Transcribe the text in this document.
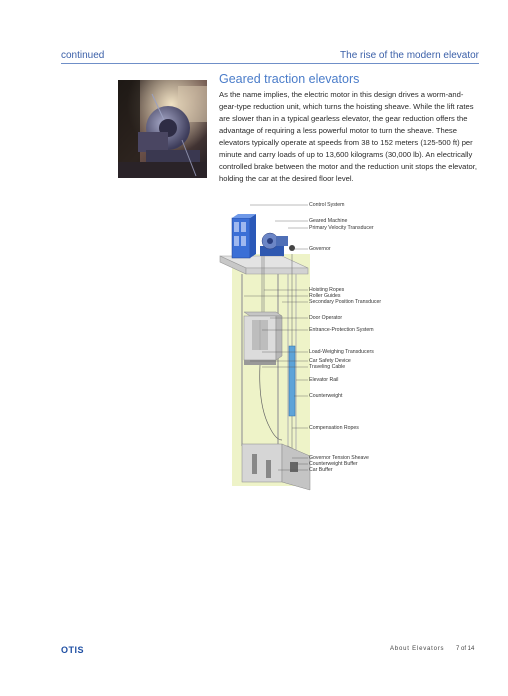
continued	The rise of the modern elevator
Geared traction elevators

As the name implies, the electric motor in this design drives a worm-and-gear-type reduction unit, which turns the hoisting sheave. While the lift rates are slower than in a typical gearless elevator, the gear reduction offers the advantage of requiring a less powerful motor to turn the sheave. These elevators typically operate at speeds from 38 to 152 meters (125-500 ft) per minute and carry loads of up to 13,600 kilograms (30,000 lb). An electrically controlled brake between the motor and the reduction unit stops the elevator, holding the car at the desired floor level.

Control System
Geared Machine
Primary Velocity Transducer
Governor
Hoisting Ropes
Roller Guides
Secondary Position Transducer
Door Operator
Entrance-Protection System
Load-Weighing Transducers
Car Safety Device
Traveling Cable
Elevator Rail
Counterweight
Compensation Ropes
Governor Tension Sheave
Counterweight Buffer
Car Buffer
OTIS	About Elevators 7 of 14
